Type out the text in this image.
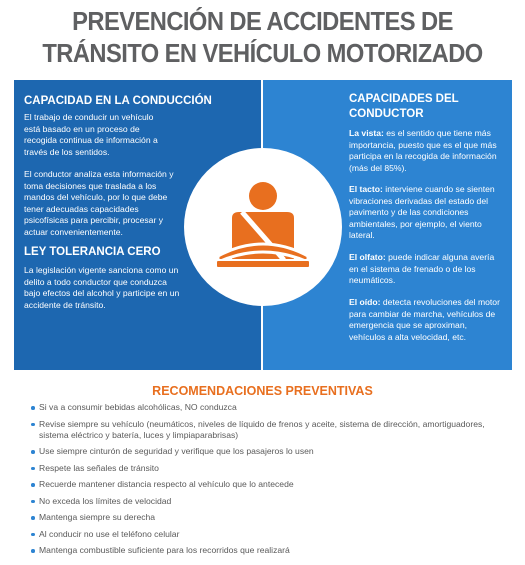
PREVENCIÓN DE ACCIDENTES DE
TRÁNSITO EN VEHÍCULO MOTORIZADO
CAPACIDAD EN LA CONDUCCIÓN
El trabajo de conducir un vehículo está basado en un proceso de recogida continua de información a través de los sentidos.
El conductor analiza esta información y toma decisiones que traslada a los mandos del vehículo, por lo que debe tener adecuadas capacidades psicofísicas para percibir, procesar y actuar convenientemente.
LEY TOLERANCIA CERO
La legislación vigente sanciona como un delito a todo conductor que conduzca bajo efectos del alcohol y participe en un accidente de tránsito.
CAPACIDADES DEL CONDUCTOR
La vista: es el sentido que tiene más importancia, puesto que es el que más participa en la recogida de información (más del 85%).
El tacto: interviene cuando se sienten vibraciones derivadas del estado del pavimento y de las condiciones ambientales, por ejemplo, el viento lateral.
El olfato: puede indicar alguna avería en el sistema de frenado o de los neumáticos.
El oído: detecta revoluciones del motor para cambiar de marcha, vehículos de emergencia que se aproximan, vehículos a alta velocidad, etc.
RECOMENDACIONES PREVENTIVAS
Si va a consumir bebidas alcohólicas, NO conduzca
Revise siempre su vehículo (neumáticos, niveles de líquido de frenos y aceite, sistema de dirección, amortiguadores, sistema eléctrico y batería, luces y limpiaparabrisas)
Use siempre cinturón de seguridad y verifique que los pasajeros lo usen
Respete las señales de tránsito
Recuerde mantener distancia respecto al vehículo que lo antecede
No exceda los límites de velocidad
Mantenga siempre su derecha
Al conducir no use el teléfono celular
Mantenga combustible suficiente para los recorridos que realizará
